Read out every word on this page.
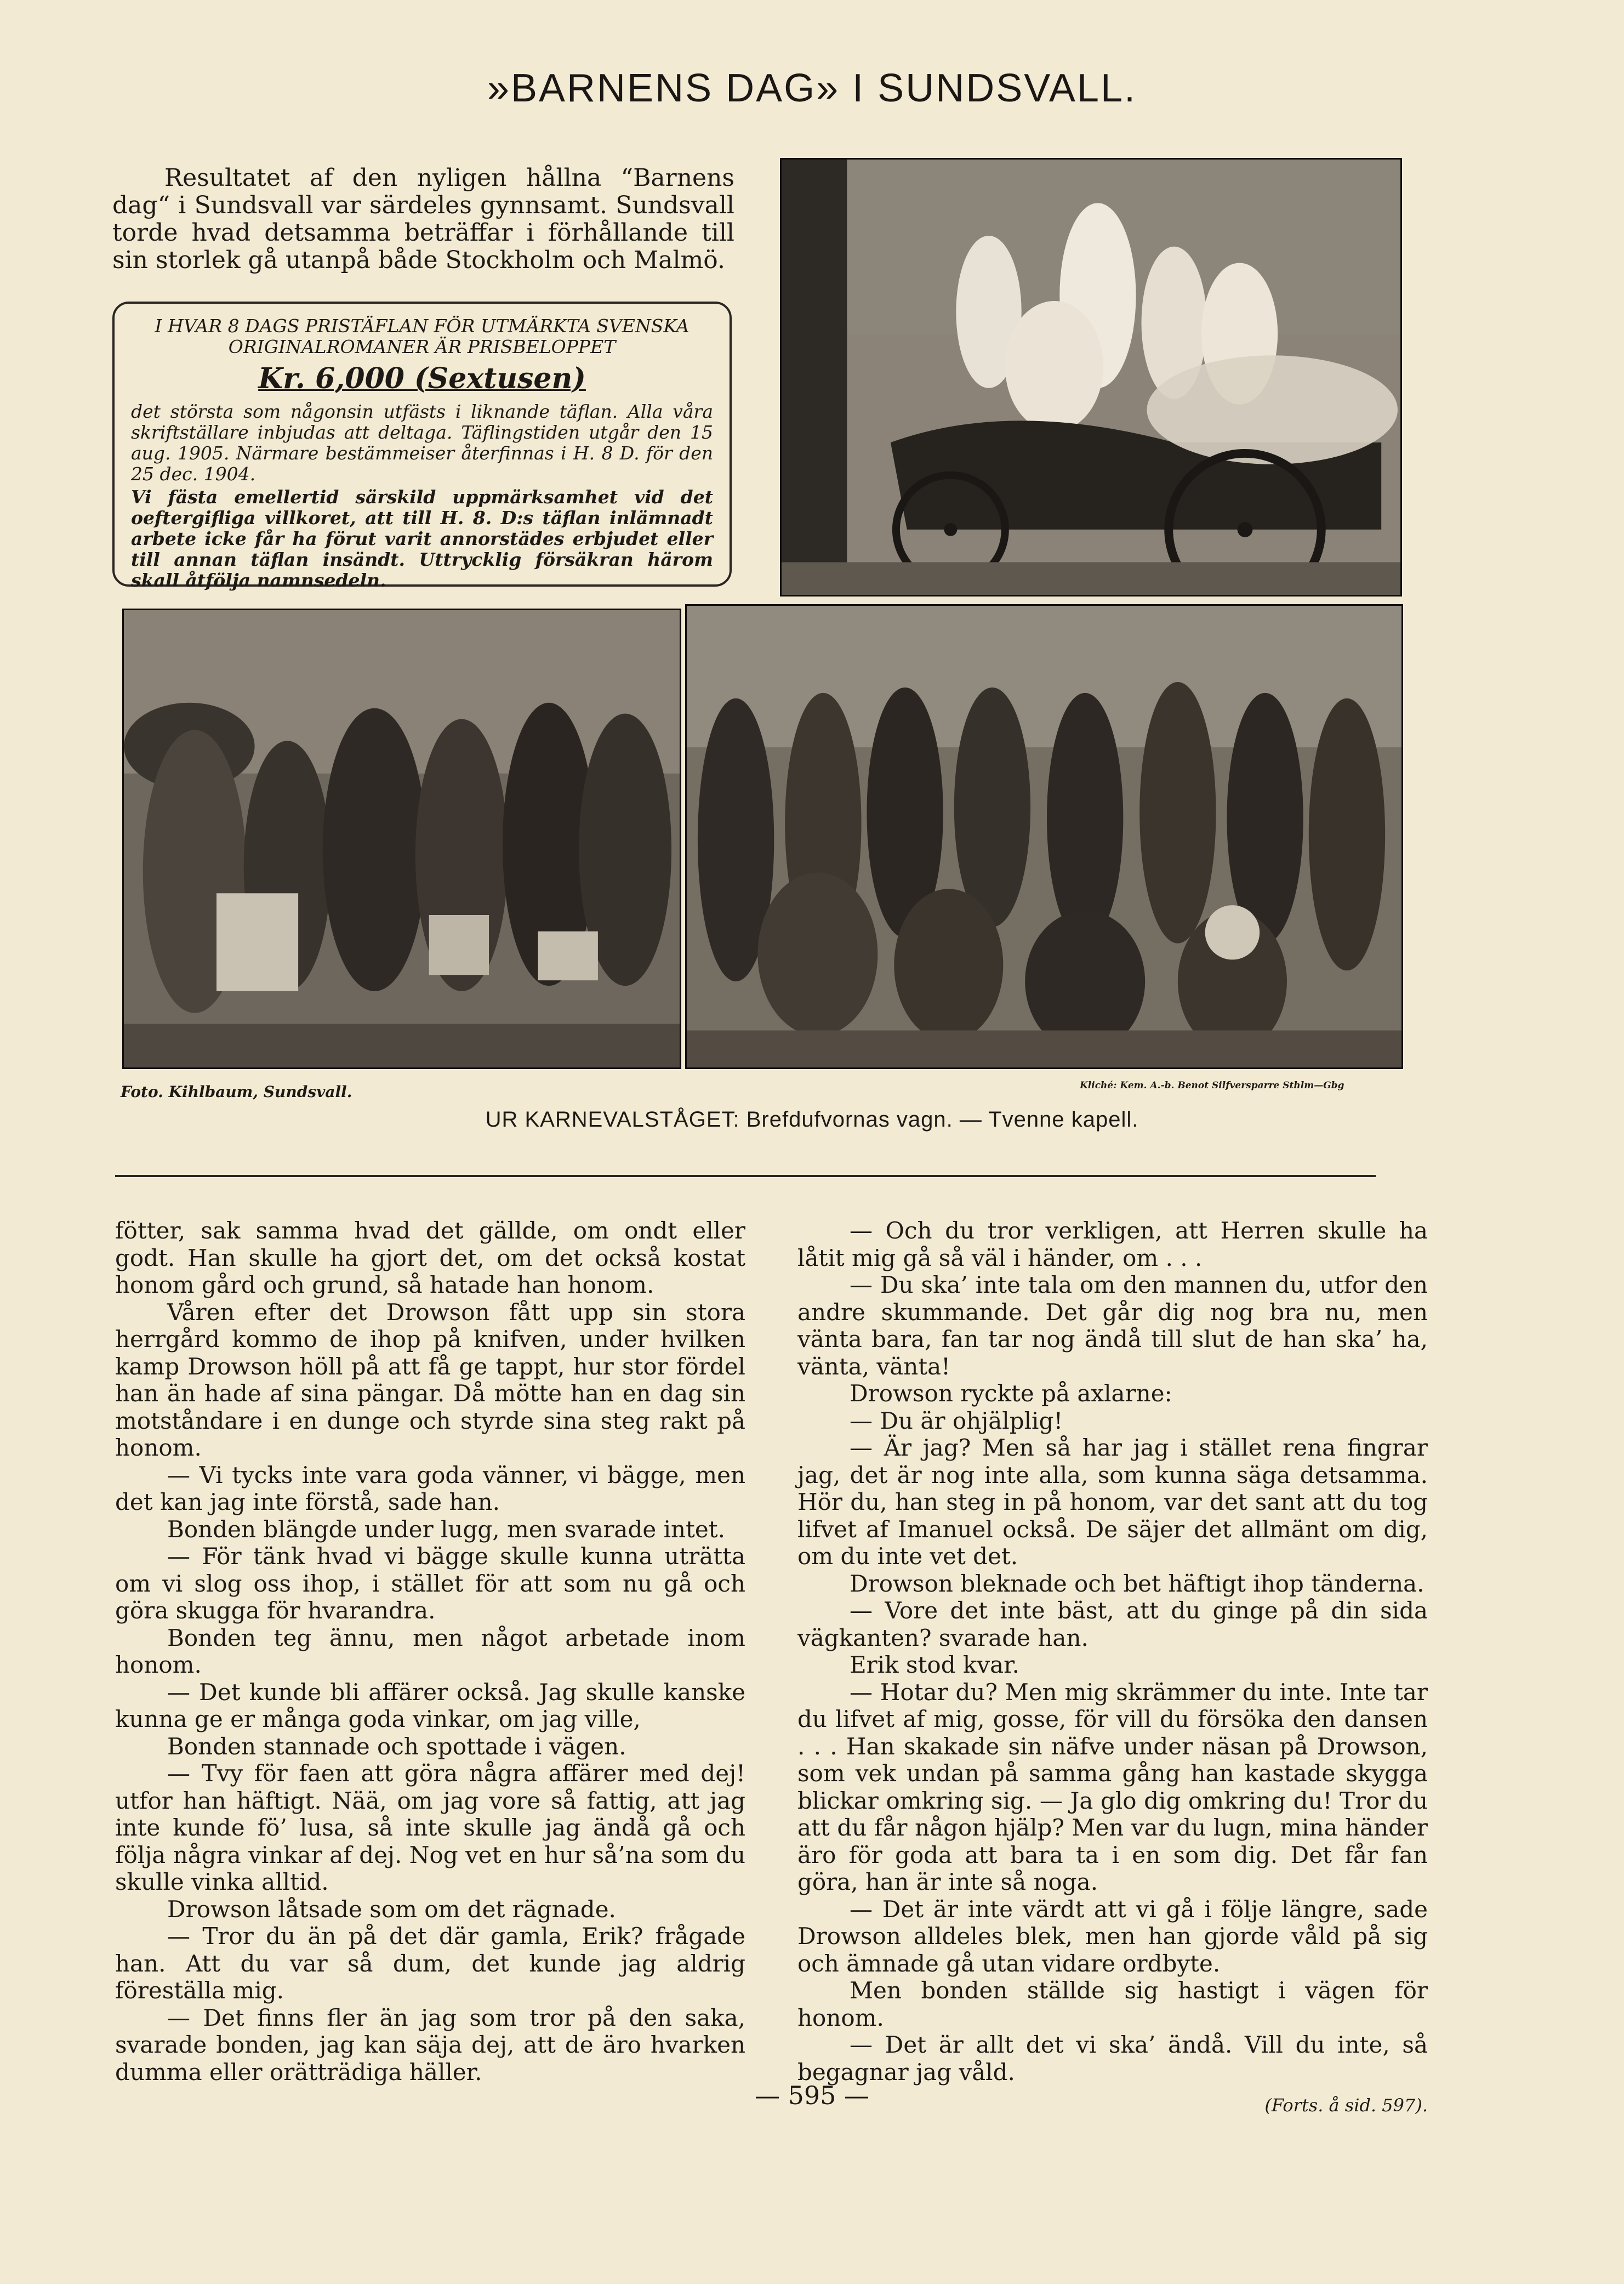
»BARNENS DAG» I SUNDSVALL.
Resultatet af den nyligen hållna “Barnens dag“ i Sundsvall var särdeles gynnsamt. Sundsvall torde hvad detsamma beträffar i förhållande till sin storlek gå utanpå både Stockholm och Malmö.

I HVAR 8 DAGS PRISTÄFLAN FÖR UTMÄRKTA SVENSKA ORIGINALROMANER ÄR PRISBELOPPET

Kr. 6,000 (Sextusen)

det största som någonsin utfästs i liknande täflan. Alla våra skriftställare inbjudas att deltaga. Täflingstiden utgår den 15 aug. 1905. Närmare bestämmeiser återfinnas i H. 8 D. för den 25 dec. 1904.

Vi fästa emellertid särskild uppmärksamhet vid det oeftergifliga villkoret, att till H. 8. D:s täflan inlämnadt arbete icke får ha förut varit annorstädes erbjudet eller till annan täflan insändt. Uttrycklig försäkran härom skall åtfölja namnsedeln.

Foto. Kihlbaum, Sundsvall.	Kliché: Kem. A.-b. Benot Silfversparre Sthlm—Gbg
UR KARNEVALSTÅGET: Brefdufvornas vagn. — Tvenne kapell.

fötter, sak samma hvad det gällde, om ondt eller godt. Han skulle ha gjort det, om det också kostat honom gård och grund, så hatade han honom.

Våren efter det Drowson fått upp sin stora herrgård kommo de ihop på knifven, under hvilken kamp Drowson höll på att få ge tappt, hur stor fördel han än hade af sina pängar. Då mötte han en dag sin motståndare i en dunge och styrde sina steg rakt på honom.

— Vi tycks inte vara goda vänner, vi bägge, men det kan jag inte förstå, sade han.

Bonden blängde under lugg, men svarade intet.

— För tänk hvad vi bägge skulle kunna uträtta om vi slog oss ihop, i stället för att som nu gå och göra skugga för hvarandra.

Bonden teg ännu, men något arbetade inom honom.

— Det kunde bli affärer också. Jag skulle kanske kunna ge er många goda vinkar, om jag ville,

Bonden stannade och spottade i vägen.

— Tvy för faen att göra några affärer med dej! utfor han häftigt. Nää, om jag vore så fattig, att jag inte kunde fö’ lusa, så inte skulle jag ändå gå och följa några vinkar af dej. Nog vet en hur så’na som du skulle vinka alltid.

Drowson låtsade som om det rägnade.

— Tror du än på det där gamla, Erik? frågade han. Att du var så dum, det kunde jag aldrig föreställa mig.

— Det finns fler än jag som tror på den saka, svarade bonden, jag kan säja dej, att de äro hvarken dumma eller orätträdiga häller.

— Och du tror verkligen, att Herren skulle ha låtit mig gå så väl i händer, om . . .

— Du ska’ inte tala om den mannen du, utfor den andre skummande. Det går dig nog bra nu, men vänta bara, fan tar nog ändå till slut de han ska’ ha, vänta, vänta!

Drowson ryckte på axlarne:

— Du är ohjälplig!

— Är jag? Men så har jag i stället rena fingrar jag, det är nog inte alla, som kunna säga detsamma. Hör du, han steg in på honom, var det sant att du tog lifvet af Imanuel också. De säjer det allmänt om dig, om du inte vet det.

Drowson bleknade och bet häftigt ihop tänderna.

— Vore det inte bäst, att du ginge på din sida vägkanten? svarade han.

Erik stod kvar.

— Hotar du? Men mig skrämmer du inte. Inte tar du lifvet af mig, gosse, för vill du försöka den dansen . . . Han skakade sin näfve under näsan på Drowson, som vek undan på samma gång han kastade skygga blickar omkring sig. — Ja glo dig omkring du! Tror du att du får någon hjälp? Men var du lugn, mina händer äro för goda att bara ta i en som dig. Det får fan göra, han är inte så noga.

— Det är inte värdt att vi gå i följe längre, sade Drowson alldeles blek, men han gjorde våld på sig och ämnade gå utan vidare ordbyte.

Men bonden ställde sig hastigt i vägen för honom.

— Det är allt det vi ska’ ändå. Vill du inte, så begagnar jag våld.

(Forts. å sid. 597).
— 595 —
